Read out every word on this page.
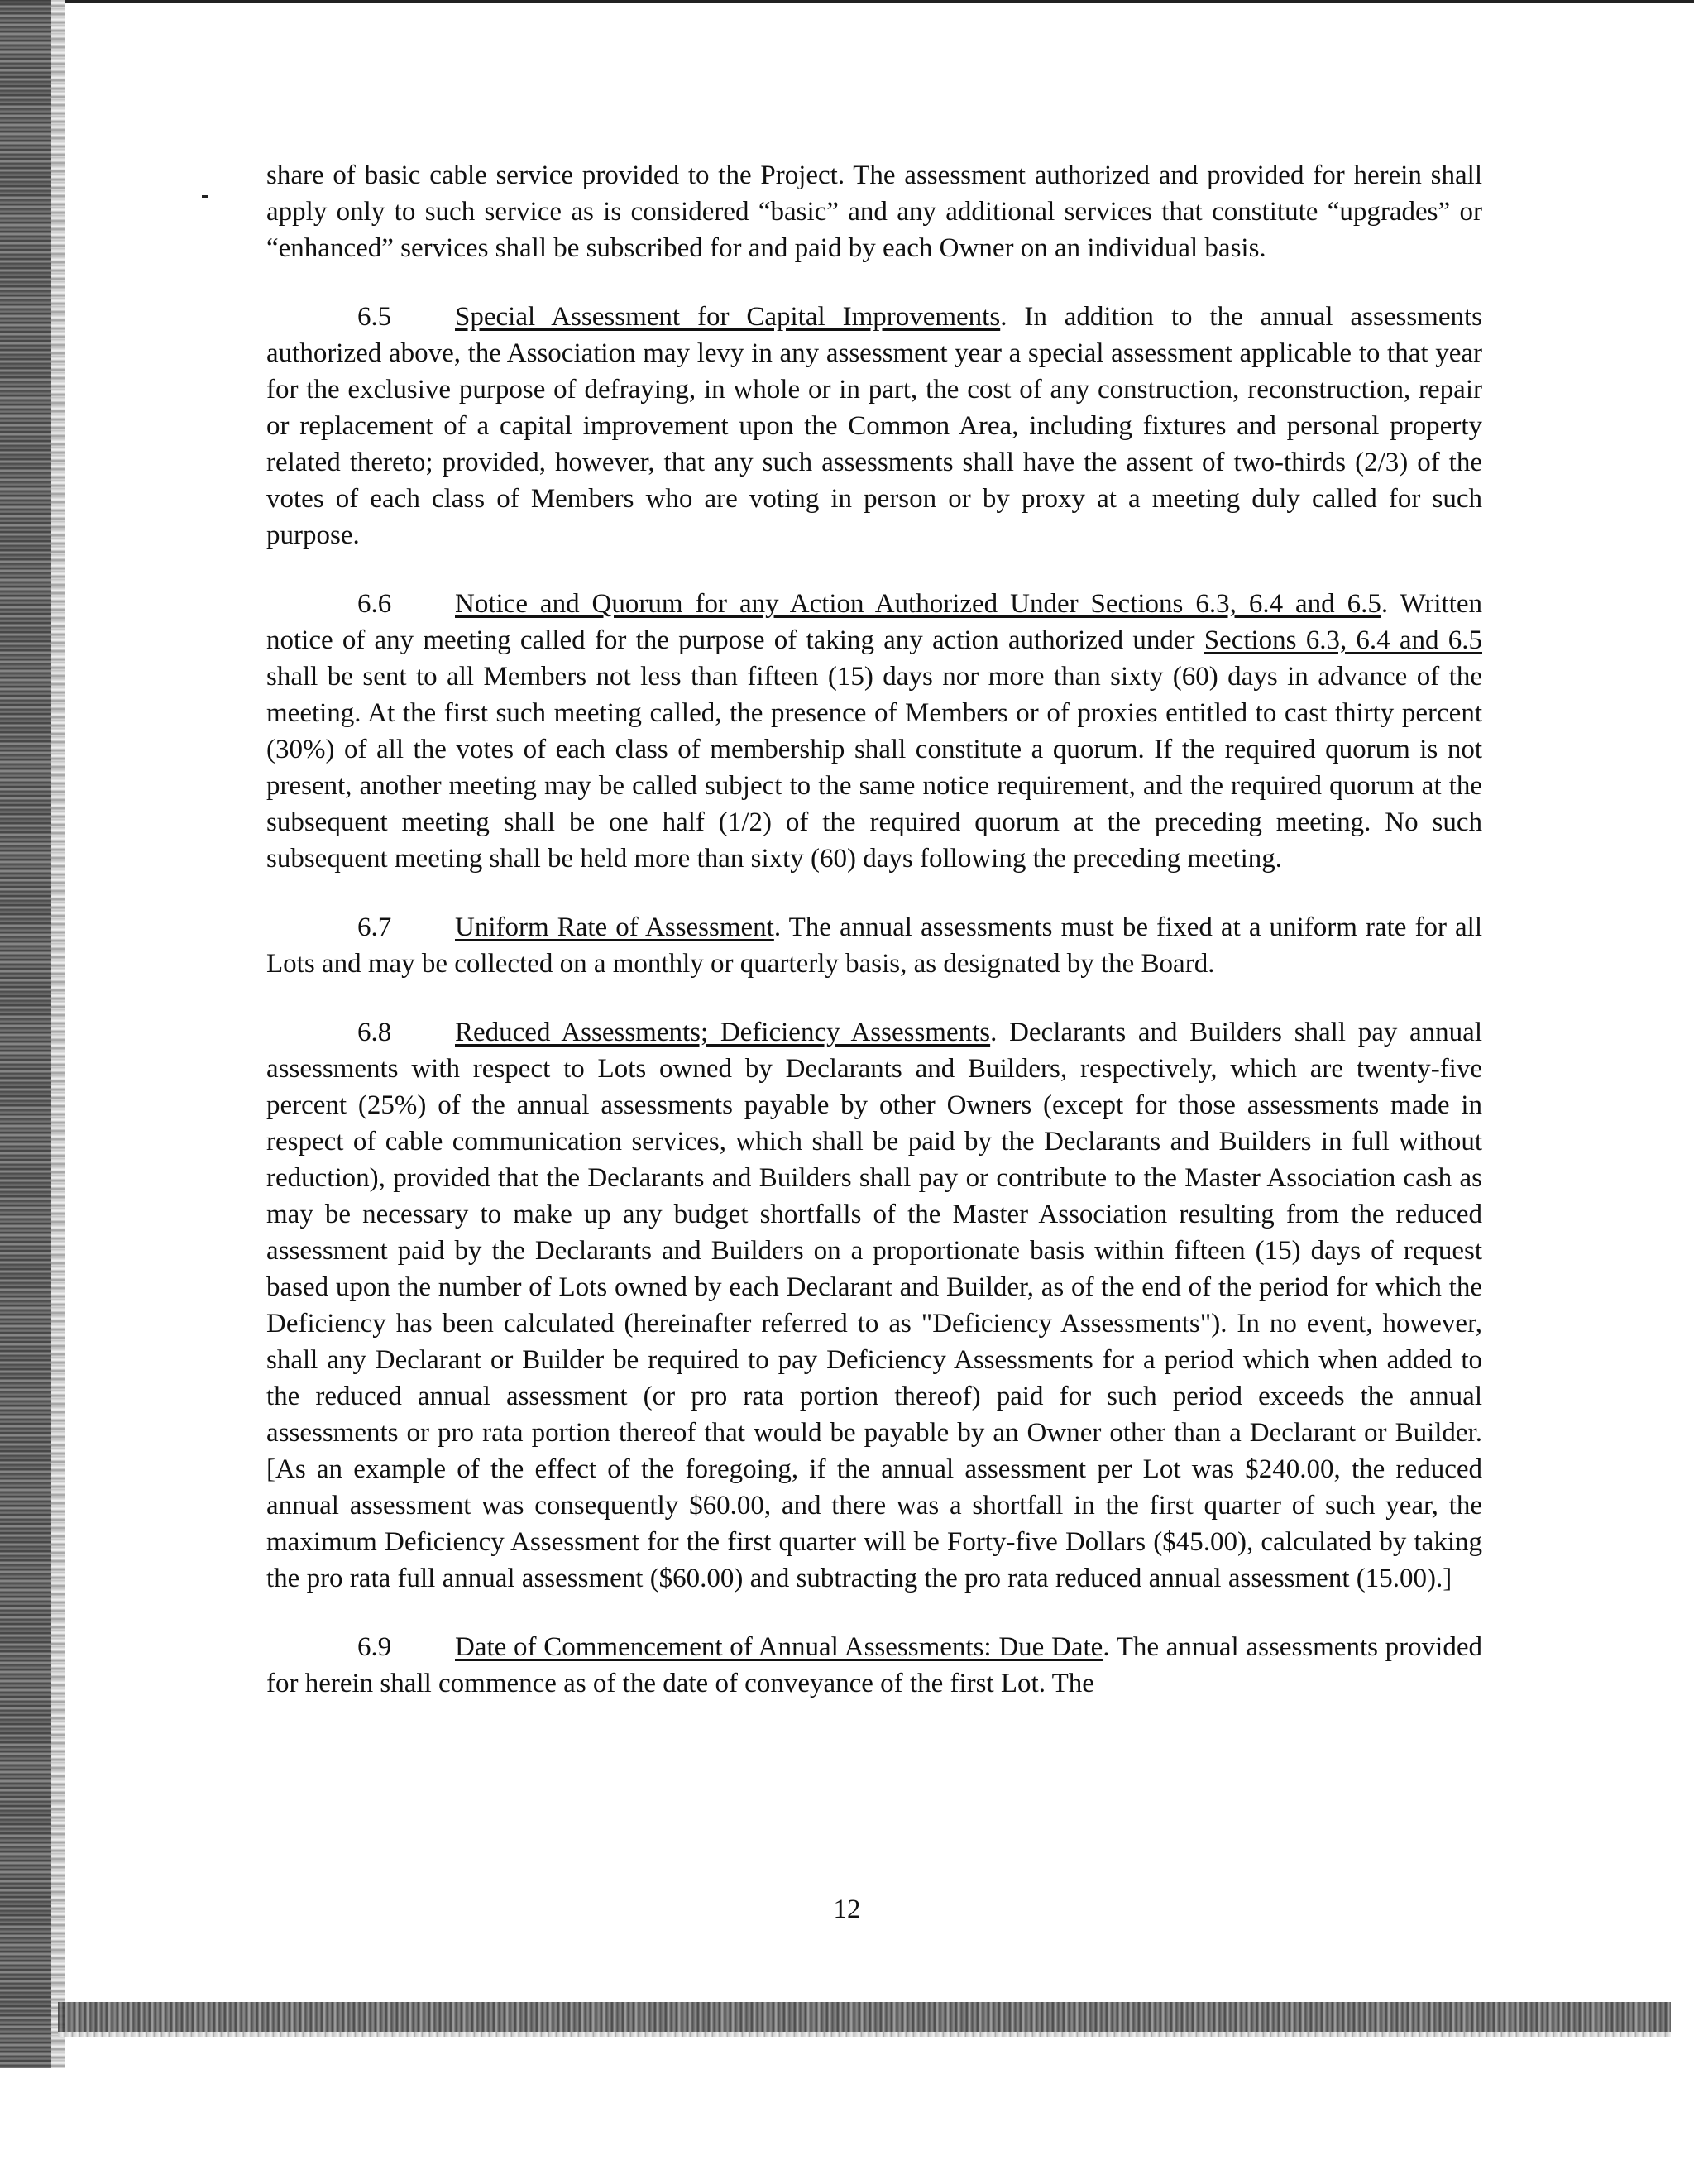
share of basic cable service provided to the Project. The assessment authorized and provided for herein shall apply only to such service as is considered “basic” and any additional services that constitute “upgrades” or “enhanced” services shall be subscribed for and paid by each Owner on an individual basis.

6.5 Special Assessment for Capital Improvements. In addition to the annual assessments authorized above, the Association may levy in any assessment year a special assessment applicable to that year for the exclusive purpose of defraying, in whole or in part, the cost of any construction, reconstruction, repair or replacement of a capital improvement upon the Common Area, including fixtures and personal property related thereto; provided, however, that any such assessments shall have the assent of two-thirds (2/3) of the votes of each class of Members who are voting in person or by proxy at a meeting duly called for such purpose.

6.6 Notice and Quorum for any Action Authorized Under Sections 6.3, 6.4 and 6.5. Written notice of any meeting called for the purpose of taking any action authorized under Sections 6.3, 6.4 and 6.5 shall be sent to all Members not less than fifteen (15) days nor more than sixty (60) days in advance of the meeting. At the first such meeting called, the presence of Members or of proxies entitled to cast thirty percent (30%) of all the votes of each class of membership shall constitute a quorum. If the required quorum is not present, another meeting may be called subject to the same notice requirement, and the required quorum at the subsequent meeting shall be one half (1/2) of the required quorum at the preceding meeting. No such subsequent meeting shall be held more than sixty (60) days following the preceding meeting.

6.7 Uniform Rate of Assessment. The annual assessments must be fixed at a uniform rate for all Lots and may be collected on a monthly or quarterly basis, as designated by the Board.

6.8 Reduced Assessments; Deficiency Assessments. Declarants and Builders shall pay annual assessments with respect to Lots owned by Declarants and Builders, respectively, which are twenty-five percent (25%) of the annual assessments payable by other Owners (except for those assessments made in respect of cable communication services, which shall be paid by the Declarants and Builders in full without reduction), provided that the Declarants and Builders shall pay or contribute to the Master Association cash as may be necessary to make up any budget shortfalls of the Master Association resulting from the reduced assessment paid by the Declarants and Builders on a proportionate basis within fifteen (15) days of request based upon the number of Lots owned by each Declarant and Builder, as of the end of the period for which the Deficiency has been calculated (hereinafter referred to as "Deficiency Assessments"). In no event, however, shall any Declarant or Builder be required to pay Deficiency Assessments for a period which when added to the reduced annual assessment (or pro rata portion thereof) paid for such period exceeds the annual assessments or pro rata portion thereof that would be payable by an Owner other than a Declarant or Builder. [As an example of the effect of the foregoing, if the annual assessment per Lot was $240.00, the reduced annual assessment was consequently $60.00, and there was a shortfall in the first quarter of such year, the maximum Deficiency Assessment for the first quarter will be Forty-five Dollars ($45.00), calculated by taking the pro rata full annual assessment ($60.00) and subtracting the pro rata reduced annual assessment (15.00).]

6.9 Date of Commencement of Annual Assessments: Due Date. The annual assessments provided for herein shall commence as of the date of conveyance of the first Lot. The

12
